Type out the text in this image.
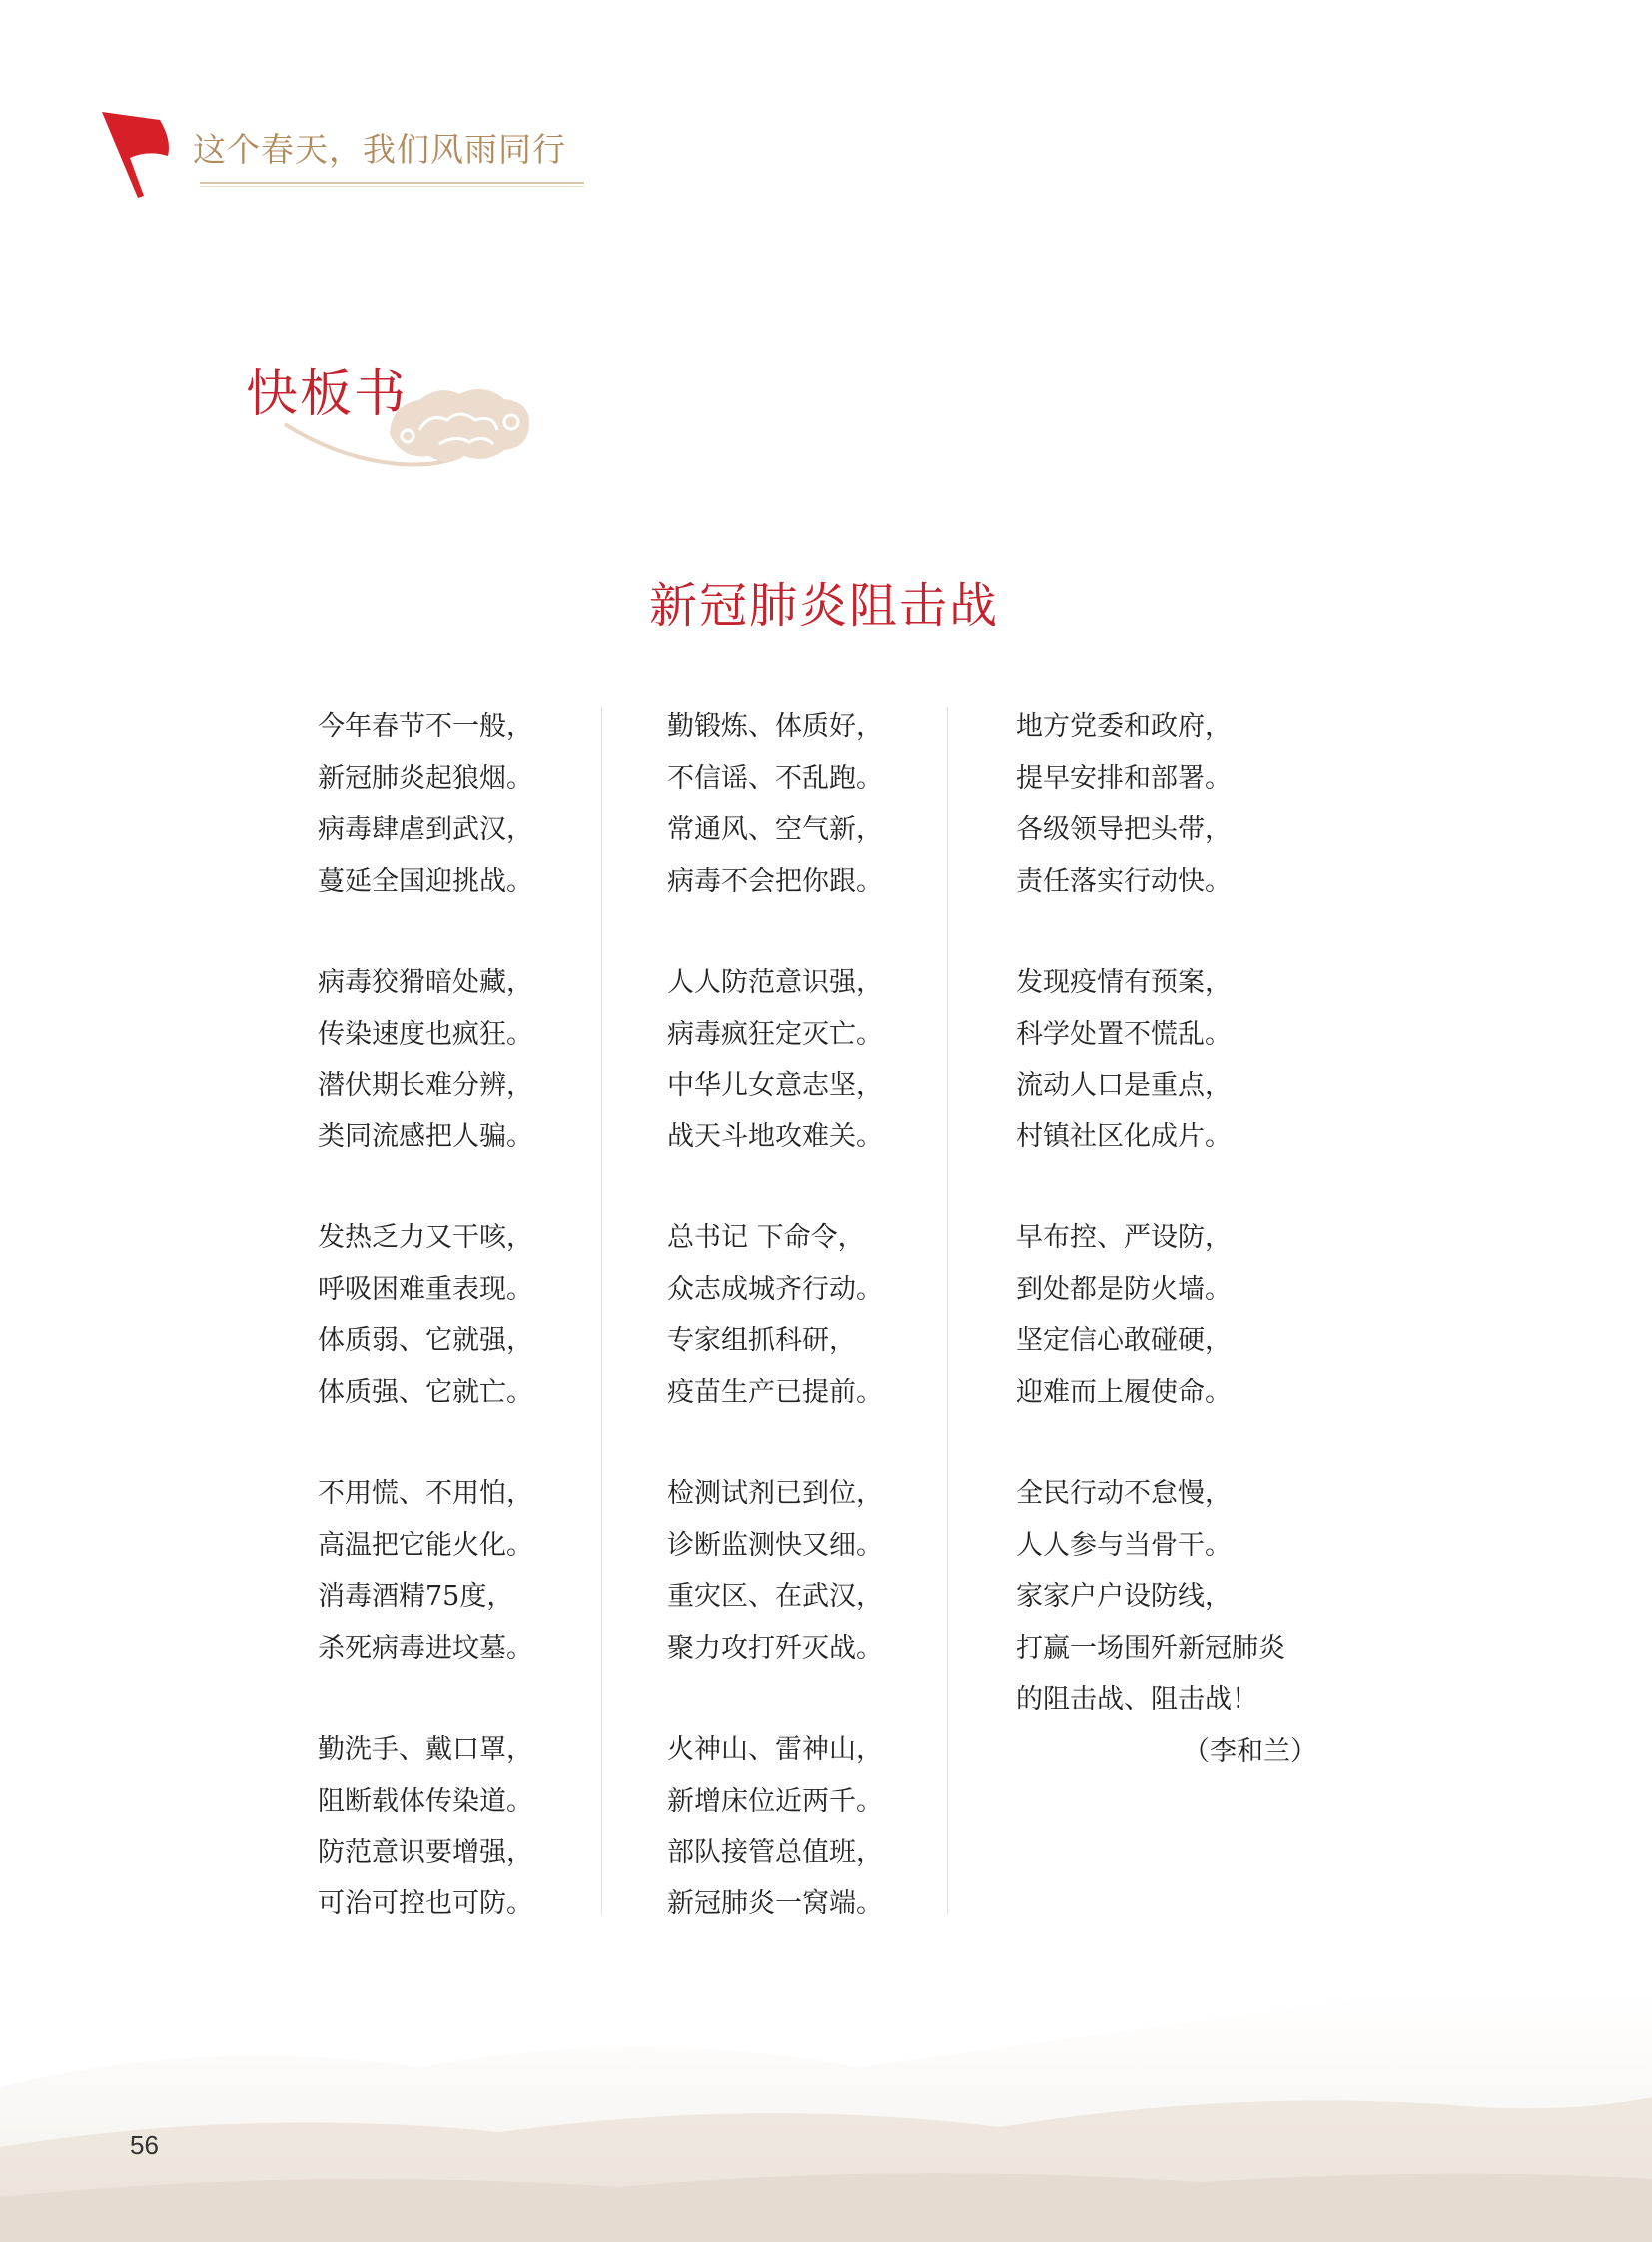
这个春天，我们风雨同行
快板书
新冠肺炎阻击战
今年春节不一般，
新冠肺炎起狼烟。
病毒肆虐到武汉，
蔓延全国迎挑战。
病毒狡猾暗处藏，
传染速度也疯狂。
潜伏期长难分辨，
类同流感把人骗。
发热乏力又干咳，
呼吸困难重表现。
体质弱、它就强，
体质强、它就亡。
不用慌、不用怕，
高温把它能火化。
消毒酒精75度，
杀死病毒进坟墓。
勤洗手、戴口罩，
阻断载体传染道。
防范意识要增强，
可治可控也可防。
勤锻炼、体质好，
不信谣、不乱跑。
常通风、空气新，
病毒不会把你跟。
人人防范意识强，
病毒疯狂定灭亡。
中华儿女意志坚，
战天斗地攻难关。
总书记 下命令，
众志成城齐行动。
专家组抓科研，
疫苗生产已提前。
检测试剂已到位，
诊断监测快又细。
重灾区、在武汉，
聚力攻打歼灭战。
火神山、雷神山，
新增床位近两千。
部队接管总值班，
新冠肺炎一窝端。
地方党委和政府，
提早安排和部署。
各级领导把头带，
责任落实行动快。
发现疫情有预案，
科学处置不慌乱。
流动人口是重点，
村镇社区化成片。
早布控、严设防，
到处都是防火墙。
坚定信心敢碰硬，
迎难而上履使命。
全民行动不怠慢，
人人参与当骨干。
家家户户设防线，
打赢一场围歼新冠肺炎
的阻击战、阻击战！
（李和兰）
56
